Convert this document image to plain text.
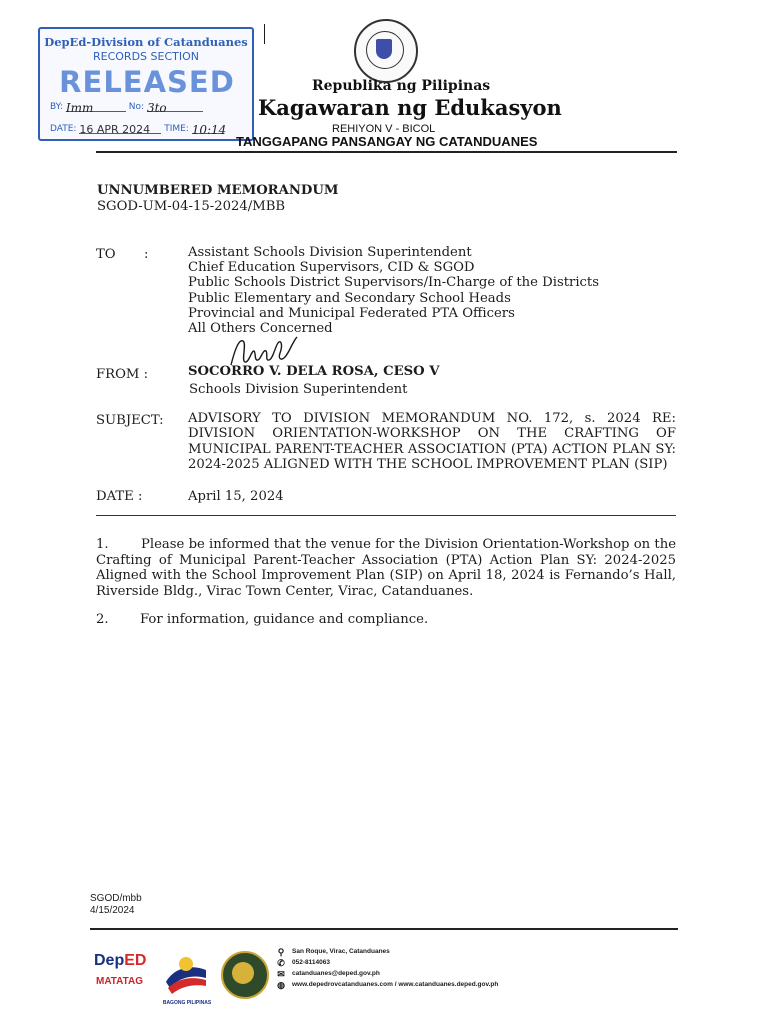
DepEd-Division of Catanduanes
RECORDS SECTION
RELEASED
BY: Imm	No: 3to
DATE: 16 APR 2024 TIME: 10:14
Republika ng Pilipinas
Kagawaran ng Edukasyon
REHIYON V - BICOL
TANGGAPANG PANSANGAY NG CATANDUANES
UNNUMBERED MEMORANDUM
SGOD-UM-04-15-2024/MBB
TO :	Assistant Schools Division Superintendent
Chief Education Supervisors, CID & SGOD
Public Schools District Supervisors/In-Charge of the Districts
Public Elementary and Secondary School Heads
Provincial and Municipal Federated PTA Officers
All Others Concerned
FROM :	SOCORRO V. DELA ROSA, CESO V
Schools Division Superintendent
SUBJECT: ADVISORY TO DIVISION MEMORANDUM NO. 172, s. 2024 RE:
DIVISION ORIENTATION-WORKSHOP ON THE CRAFTING OF
MUNICIPAL PARENT-TEACHER ASSOCIATION (PTA) ACTION PLAN SY:
2024-2025 ALIGNED WITH THE SCHOOL IMPROVEMENT PLAN (SIP)
DATE :	April 15, 2024
1. Please be informed that the venue for the Division Orientation-Workshop on the
Crafting of Municipal Parent-Teacher Association (PTA) Action Plan SY: 2024-2025
Aligned with the School Improvement Plan (SIP) on April 18, 2024 is Fernando’s Hall,
Riverside Bldg., Virac Town Center, Virac, Catanduanes.
2. For information, guidance and compliance.
SGOD/mbb
4/15/2024
DepED
MATATAG
BAGONG PILIPINAS
⚲ San Roque, Virac, Catanduanes
✆ 052-8114063
✉ catanduanes@deped.gov.ph
◍ www.depedrovcatanduanes.com / www.catanduanes.deped.gov.ph
